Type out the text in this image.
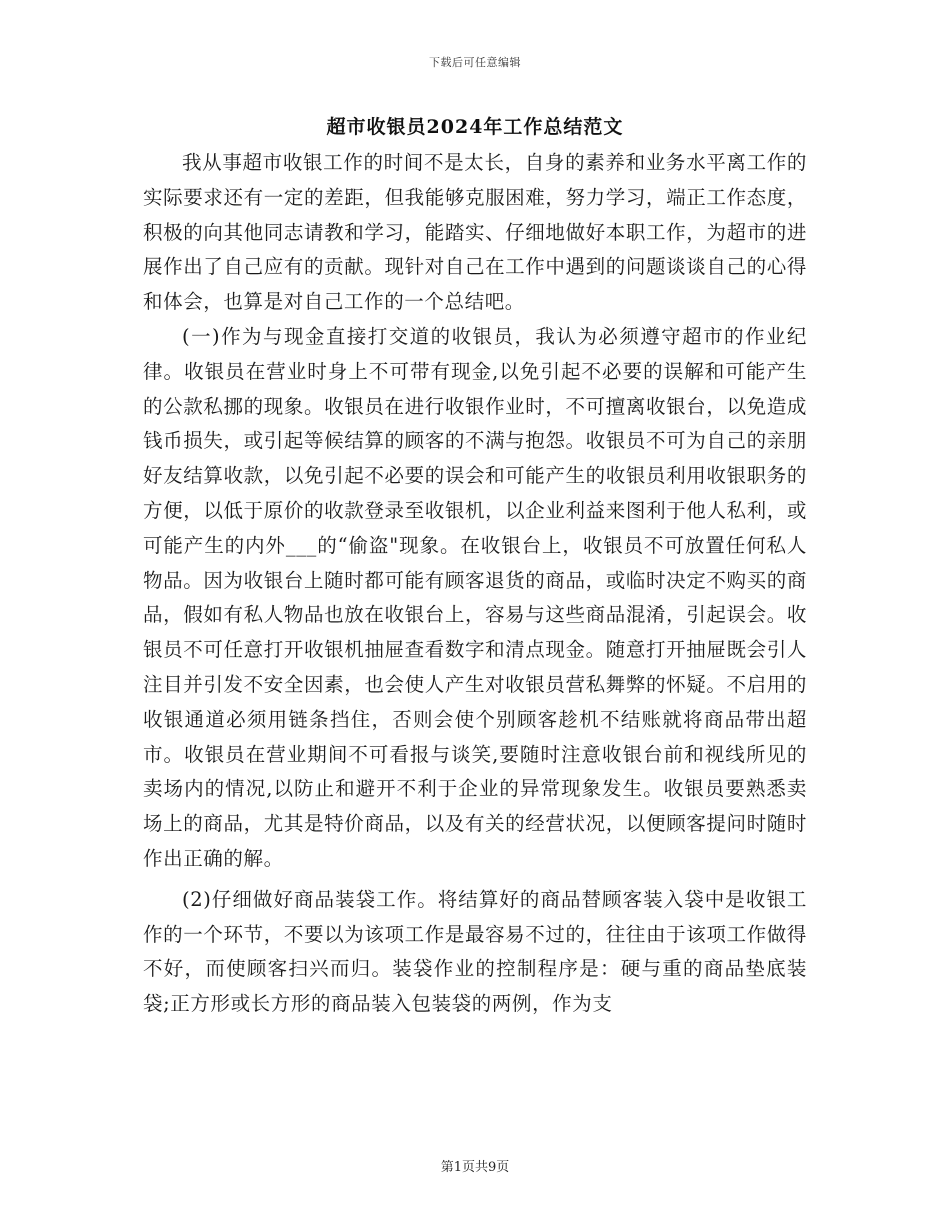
下载后可任意编辑
超市收银员2024年工作总结范文

我从事超市收银工作的时间不是太长，自身的素养和业务水平离工作的实际要求还有一定的差距，但我能够克服困难，努力学习，端正工作态度，积极的向其他同志请教和学习，能踏实、仔细地做好本职工作，为超市的进展作出了自己应有的贡献。现针对自己在工作中遇到的问题谈谈自己的心得和体会，也算是对自己工作的一个总结吧。

(一)作为与现金直接打交道的收银员，我认为必须遵守超市的作业纪律。收银员在营业时身上不可带有现金,以免引起不必要的误解和可能产生的公款私挪的现象。收银员在进行收银作业时，不可擅离收银台，以免造成钱币损失，或引起等候结算的顾客的不满与抱怨。收银员不可为自己的亲朋好友结算收款，以免引起不必要的误会和可能产生的收银员利用收银职务的方便，以低于原价的收款登录至收银机，以企业利益来图利于他人私利，或可能产生的内外___的“偷盗"现象。在收银台上，收银员不可放置任何私人物品。因为收银台上随时都可能有顾客退货的商品，或临时决定不购买的商品，假如有私人物品也放在收银台上，容易与这些商品混淆，引起误会。收银员不可任意打开收银机抽屉查看数字和清点现金。随意打开抽屉既会引人注目并引发不安全因素，也会使人产生对收银员营私舞弊的怀疑。不启用的收银通道必须用链条挡住，否则会使个别顾客趁机不结账就将商品带出超市。收银员在营业期间不可看报与谈笑,要随时注意收银台前和视线所见的卖场内的情况,以防止和避开不利于企业的异常现象发生。收银员要熟悉卖场上的商品，尤其是特价商品，以及有关的经营状况，以便顾客提问时随时作出正确的解。

(2)仔细做好商品装袋工作。将结算好的商品替顾客装入袋中是收银工作的一个环节，不要以为该项工作是最容易不过的，往往由于该项工作做得不好，而使顾客扫兴而归。装袋作业的控制程序是：硬与重的商品垫底装袋;正方形或长方形的商品装入包装袋的两例，作为支

第1页共9页
